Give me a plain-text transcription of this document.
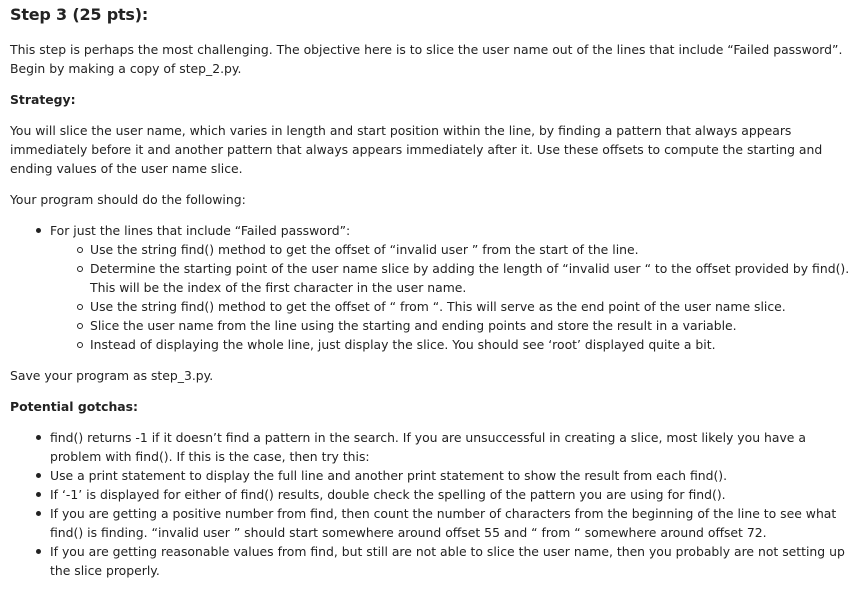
Step 3 (25 pts):

This step is perhaps the most challenging. The objective here is to slice the user name out of the lines that include “Failed password”. Begin by making a copy of step_2.py.

Strategy:

You will slice the user name, which varies in length and start position within the line, by finding a pattern that always appears immediately before it and another pattern that always appears immediately after it. Use these offsets to compute the starting and ending values of the user name slice.

Your program should do the following:

For just the lines that include “Failed password”:
Use the string find() method to get the offset of “invalid user ” from the start of the line.
Determine the starting point of the user name slice by adding the length of “invalid user “ to the offset provided by find(). This will be the index of the first character in the user name.
Use the string find() method to get the offset of “ from “. This will serve as the end point of the user name slice.
Slice the user name from the line using the starting and ending points and store the result in a variable.
Instead of displaying the whole line, just display the slice. You should see ‘root’ displayed quite a bit.

Save your program as step_3.py.

Potential gotchas:
find() returns -1 if it doesn’t find a pattern in the search. If you are unsuccessful in creating a slice, most likely you have a problem with find(). If this is the case, then try this:
Use a print statement to display the full line and another print statement to show the result from each find().
If ‘-1’ is displayed for either of find() results, double check the spelling of the pattern you are using for find().
If you are getting a positive number from find, then count the number of characters from the beginning of the line to see what find() is finding. “invalid user ” should start somewhere around offset 55 and “ from “ somewhere around offset 72.
If you are getting reasonable values from find, but still are not able to slice the user name, then you probably are not setting up the slice properly.
